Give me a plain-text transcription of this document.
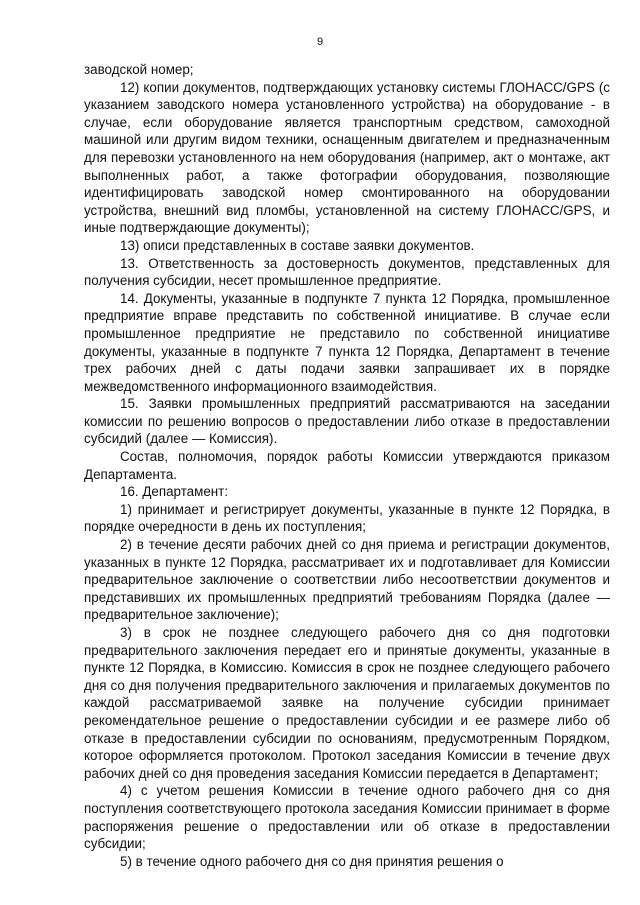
9

заводской номер;

12) копии документов, подтверждающих установку системы ГЛОНАСС/GPS (с указанием заводского номера установленного устройства) на оборудование - в случае, если оборудование является транспортным средством, самоходной машиной или другим видом техники, оснащенным двигателем и предназначенным для перевозки установленного на нем оборудования (например, акт о монтаже, акт выполненных работ, а также фотографии оборудования, позволяющие идентифицировать заводской номер смонтированного на оборудовании устройства, внешний вид пломбы, установленной на систему ГЛОНАСС/GPS, и иные подтверждающие документы);

13) описи представленных в составе заявки документов.

13. Ответственность за достоверность документов, представленных для получения субсидии, несет промышленное предприятие.

14. Документы, указанные в подпункте 7 пункта 12 Порядка, промышленное предприятие вправе представить по собственной инициативе. В случае если промышленное предприятие не представило по собственной инициативе документы, указанные в подпункте 7 пункта 12 Порядка, Департамент в течение трех рабочих дней с даты подачи заявки запрашивает их в порядке межведомственного информационного взаимодействия.

15. Заявки промышленных предприятий рассматриваются на заседании комиссии по решению вопросов о предоставлении либо отказе в предоставлении субсидий (далее — Комиссия).

Состав, полномочия, порядок работы Комиссии утверждаются приказом Департамента.

16. Департамент:

1) принимает и регистрирует документы, указанные в пункте 12 Порядка, в порядке очередности в день их поступления;

2) в течение десяти рабочих дней со дня приема и регистрации документов, указанных в пункте 12 Порядка, рассматривает их и подготавливает для Комиссии предварительное заключение о соответствии либо несоответствии документов и представивших их промышленных предприятий требованиям Порядка (далее — предварительное заключение);

3) в срок не позднее следующего рабочего дня со дня подготовки предварительного заключения передает его и принятые документы, указанные в пункте 12 Порядка, в Комиссию. Комиссия в срок не позднее следующего рабочего дня со дня получения предварительного заключения и прилагаемых документов по каждой рассматриваемой заявке на получение субсидии принимает рекомендательное решение о предоставлении субсидии и ее размере либо об отказе в предоставлении субсидии по основаниям, предусмотренным Порядком, которое оформляется протоколом. Протокол заседания Комиссии в течение двух рабочих дней со дня проведения заседания Комиссии передается в Департамент;

4) с учетом решения Комиссии в течение одного рабочего дня со дня поступления соответствующего протокола заседания Комиссии принимает в форме распоряжения решение о предоставлении или об отказе в предоставлении субсидии;

5) в течение одного рабочего дня со дня принятия решения о
